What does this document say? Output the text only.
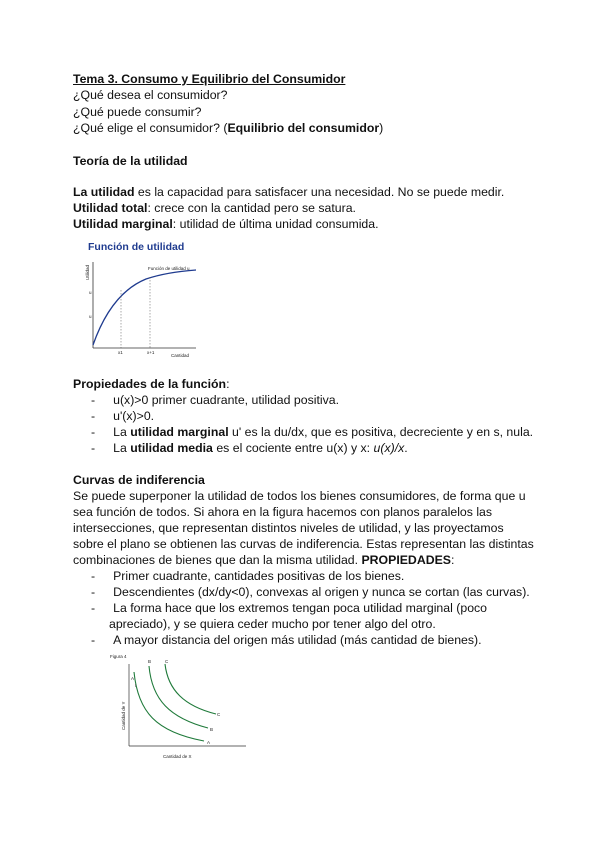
Tema 3. Consumo y Equilibrio del Consumidor
¿Qué desea el consumidor?
¿Qué puede consumir?
¿Qué elige el consumidor? (Equilibrio del consumidor)
Teoría de la utilidad
La utilidad es la capacidad para satisfacer una necesidad. No se puede medir.
Utilidad total: crece con la cantidad pero se satura.
Utilidad marginal: utilidad de última unidad consumida.
Función de utilidad
Función de utilidad u
u
u
x1	x+1
Cantidad
Utilidad
Propiedades de la función:
- u(x)>0 primer cuadrante, utilidad positiva.
- u'(x)>0.
- La utilidad marginal u' es la du/dx, que es positiva, decreciente y en s, nula.
- La utilidad media es el cociente entre u(x) y x: u(x)/x.
Curvas de indiferencia
Se puede superponer la utilidad de todos los bienes consumidores, de forma que u
sea función de todos. Si ahora en la figura hacemos con planos paralelos las
intersecciones, que representan distintos niveles de utilidad, y las proyectamos
sobre el plano se obtienen las curvas de indiferencia. Estas representan las distintas
combinaciones de bienes que dan la misma utilidad. PROPIEDADES:
- Primer cuadrante, cantidades positivas de los bienes.
- Descendientes (dx/dy<0), convexas al origen y nunca se cortan (las curvas).
- La forma hace que los extremos tengan poca utilidad marginal (poco
apreciado), y se quiera ceder mucho por tener algo del otro.
- A mayor distancia del origen más utilidad (más cantidad de bienes).
Figura 4
A
I
B	C
A
B
C
Cantidad de X
Cantidad de Y
